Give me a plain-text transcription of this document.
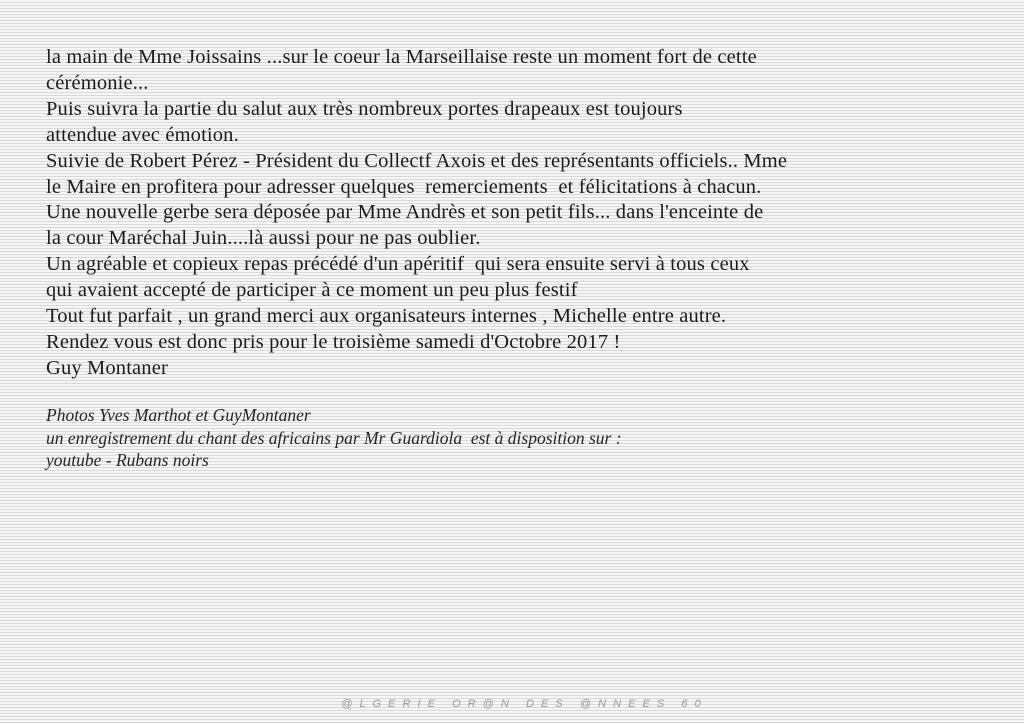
la main de Mme Joissains ...sur le coeur la Marseillaise reste un moment fort de cette
cérémonie...
Puis suivra la partie du salut aux très nombreux portes drapeaux est toujours
attendue avec émotion.
Suivie de Robert Pérez - Président du Collectf Axois et des représentants officiels.. Mme
le Maire en profitera pour adresser quelques  remerciements  et félicitations à chacun.
Une nouvelle gerbe sera déposée par Mme Andrès et son petit fils... dans l'enceinte de
la cour Maréchal Juin....là aussi pour ne pas oublier.
Un agréable et copieux repas précédé d'un apéritif  qui sera ensuite servi à tous ceux
qui avaient accepté de participer à ce moment un peu plus festif
Tout fut parfait , un grand merci aux organisateurs internes , Michelle entre autre.
Rendez vous est donc pris pour le troisième samedi d'Octobre 2017 !
Guy Montaner
Photos Yves Marthot et GuyMontaner
un enregistrement du chant des africains par Mr Guardiola  est à disposition sur :
youtube - Rubans noirs
@ L G E R I E   O R @ N   D E S   @ N N E E S   6 0
